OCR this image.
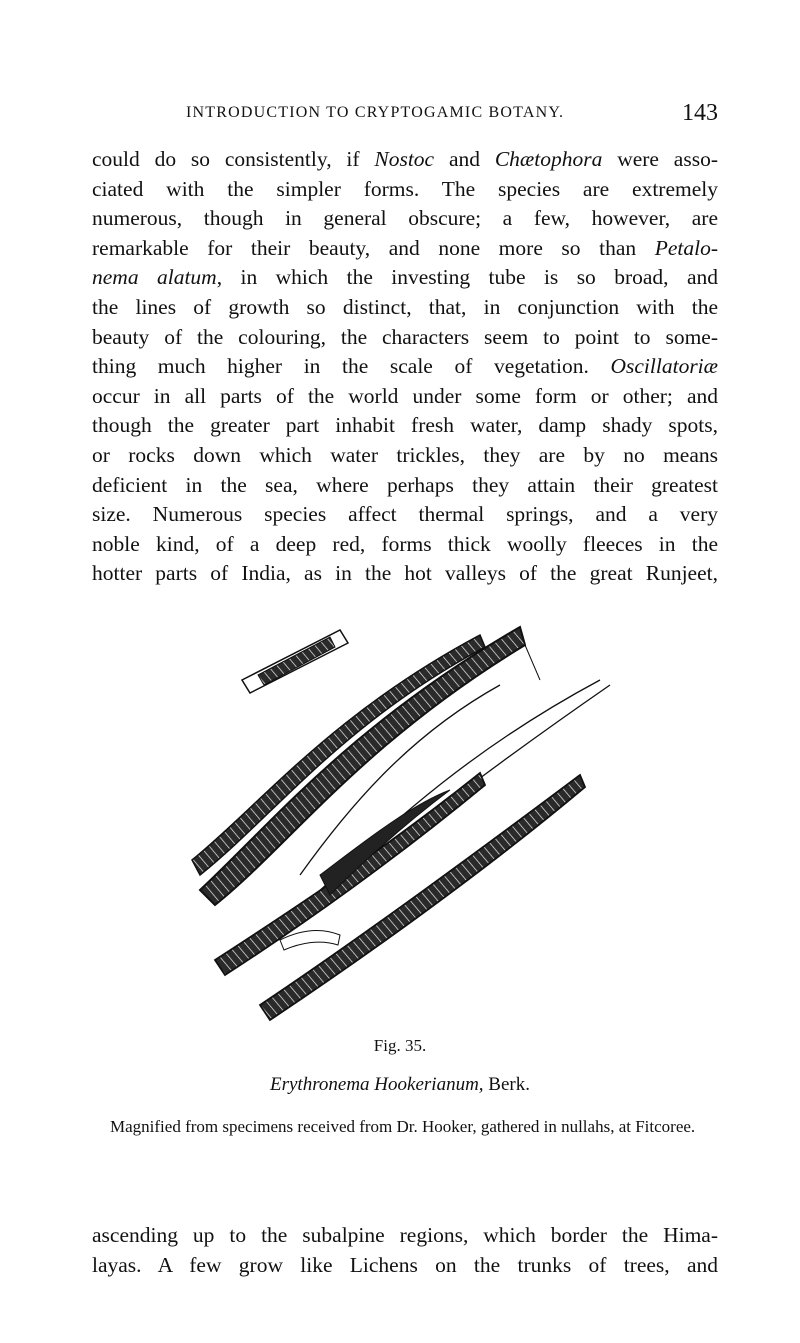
INTRODUCTION TO CRYPTOGAMIC BOTANY.	143
could do so consistently, if Nostoc and Chætophora were asso-
ciated with the simpler forms. The species are extremely
numerous, though in general obscure; a few, however, are
remarkable for their beauty, and none more so than Petalo-
nema alatum, in which the investing tube is so broad, and
the lines of growth so distinct, that, in conjunction with the
beauty of the colouring, the characters seem to point to some-
thing much higher in the scale of vegetation. Oscillatoriæ
occur in all parts of the world under some form or other; and
though the greater part inhabit fresh water, damp shady spots,
or rocks down which water trickles, they are by no means
deficient in the sea, where perhaps they attain their greatest
size. Numerous species affect thermal springs, and a very
noble kind, of a deep red, forms thick woolly fleeces in the
hotter parts of India, as in the hot valleys of the great Runjeet,
Fig. 35.
Erythronema Hookerianum, Berk.
Magnified from specimens received from Dr. Hooker, gathered in nullahs, at Fitcoree.
ascending up to the subalpine regions, which border the Hima-
layas. A few grow like Lichens on the trunks of trees, and
